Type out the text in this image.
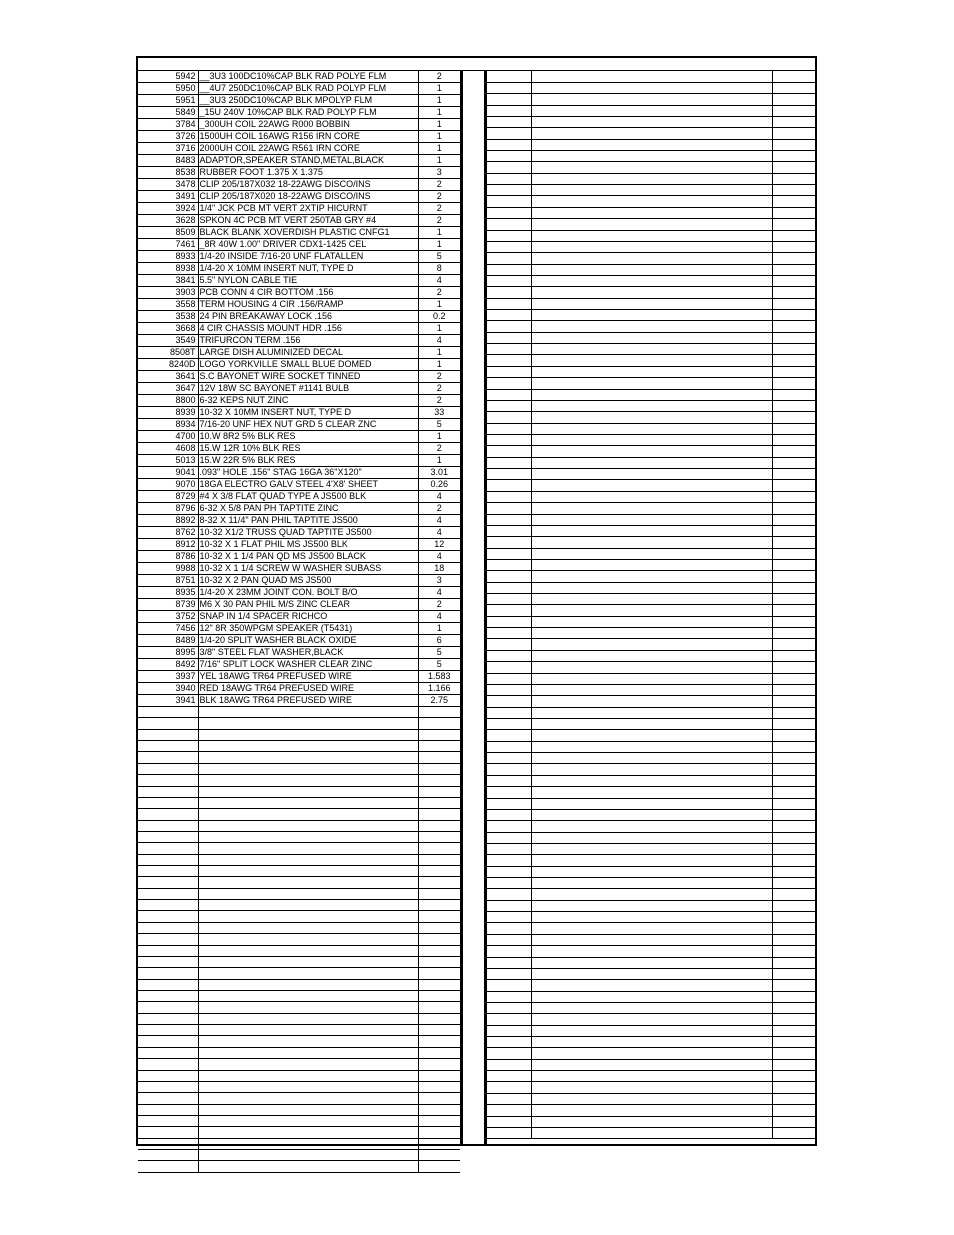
5942	__3U3 100DC10%CAP BLK RAD POLYE FLM	2
5950	__4U7 250DC10%CAP BLK RAD POLYP FLM	1
5951	__3U3 250DC10%CAP BLK MPOLYP FLM	1
5849	_15U 240V 10%CAP BLK RAD POLYP FLM	1
3784	_300UH COIL 22AWG R000 BOBBIN	1
3726	1500UH COIL 16AWG R156 IRN CORE	1
3716	2000UH COIL 22AWG R561 IRN CORE	1
8483	ADAPTOR,SPEAKER STAND,METAL,BLACK	1
8538	RUBBER FOOT 1.375 X 1.375	3
3478	CLIP 205/187X032 18-22AWG DISCO/INS	2
3491	CLIP 205/187X020 18-22AWG DISCO/INS	2
3924	1/4" JCK PCB MT VERT 2XTIP HICURNT	2
3628	SPKON 4C PCB MT VERT 250TAB GRY #4	2
8509	BLACK BLANK XOVERDISH PLASTIC CNFG1	1
7461	_8R 40W 1.00" DRIVER CDX1-1425 CEL	1
8933	1/4-20 INSIDE 7/16-20 UNF FLATALLEN	5
8938	1/4-20 X 10MM INSERT NUT, TYPE D	8
3841	5.5" NYLON CABLE TIE	4
3903	PCB CONN 4 CIR BOTTOM .156	2
3558	TERM HOUSING 4 CIR .156/RAMP	1
3538	24 PIN BREAKAWAY LOCK .156	0.2
3668	4 CIR CHASSIS MOUNT HDR .156	1
3549	TRIFURCON TERM .156	4
8508T	LARGE DISH ALUMINIZED DECAL	1
8240D	LOGO YORKVILLE SMALL BLUE DOMED	1
3641	S.C BAYONET WIRE SOCKET TINNED	2
3647	12V 18W SC BAYONET #1141 BULB	2
8800	6-32 KEPS NUT ZINC	2
8939	10-32 X 10MM INSERT NUT, TYPE D	33
8934	7/16-20 UNF HEX NUT GRD 5 CLEAR ZNC	5
4700	10.W 8R2 5% BLK RES	1
4608	15.W 12R 10% BLK RES	2
5013	15.W 22R 5% BLK RES	1
9041	.093" HOLE .156" STAG 16GA 36"X120"	3.01
9070	18GA ELECTRO GALV STEEL 4'X8' SHEET	0.26
8729	#4 X 3/8 FLAT QUAD TYPE A JS500 BLK	4
8796	6-32 X 5/8 PAN PH TAPTITE ZINC	2
8892	8-32 X 11/4" PAN PHIL TAPTITE JS500	4
8762	10-32 X1/2 TRUSS QUAD TAPTITE JS500	4
8912	10-32 X 1 FLAT PHIL MS JS500 BLK	12
8786	10-32 X 1 1/4 PAN QD MS JS500 BLACK	4
9988	10-32 X 1 1/4 SCREW W WASHER SUBASS	18
8751	10-32 X 2 PAN QUAD MS JS500	3
8935	1/4-20 X 23MM JOINT CON. BOLT B/O	4
8739	M6 X 30 PAN PHIL M/S ZINC CLEAR	2
3752	SNAP IN 1/4 SPACER RICHCO	4
7456	12" 8R 350WPGM SPEAKER (T5431)	1
8489	1/4-20 SPLIT WASHER BLACK OXIDE	6
8995	3/8" STEEL FLAT WASHER,BLACK	5
8492	7/16" SPLIT LOCK WASHER CLEAR ZINC	5
3937	YEL 18AWG TR64 PREFUSED WIRE	1.583
3940	RED 18AWG TR64 PREFUSED WIRE	1.166
3941	BLK 18AWG TR64 PREFUSED WIRE	2.75
